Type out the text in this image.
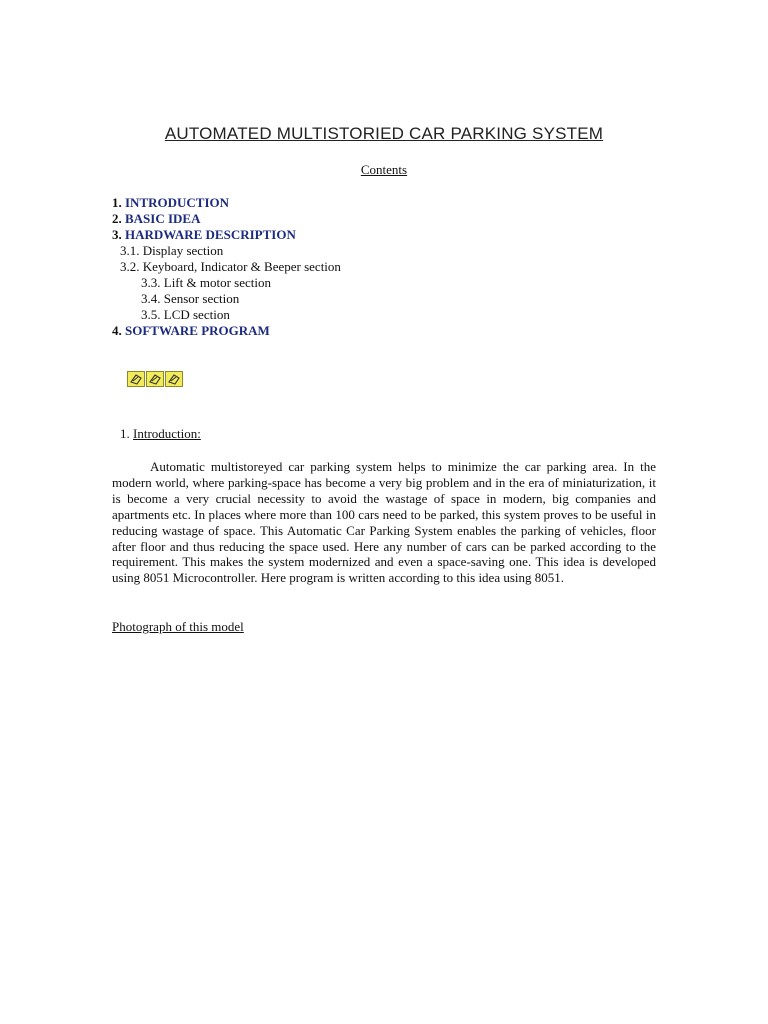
AUTOMATED MULTISTORIED CAR PARKING SYSTEM
Contents
1. INTRODUCTION
2. BASIC IDEA
3. HARDWARE DESCRIPTION
3.1. Display section
3.2. Keyboard, Indicator & Beeper section
3.3. Lift & motor section
3.4. Sensor section
3.5. LCD section
4. SOFTWARE PROGRAM
1. Introduction:
Automatic multistoreyed car parking system helps to minimize the car parking area. In the modern world, where parking-space has become a very big problem and in the era of miniaturization, it is become a very crucial necessity to avoid the wastage of space in modern, big companies and apartments etc. In places where more than 100 cars need to be parked, this system proves to be useful in reducing wastage of space. This Automatic Car Parking System enables the parking of vehicles, floor after floor and thus reducing the space used. Here any number of cars can be parked according to the requirement. This makes the system modernized and even a space-saving one. This idea is developed using 8051 Microcontroller. Here program is written according to this idea using 8051.
Photograph of this model
